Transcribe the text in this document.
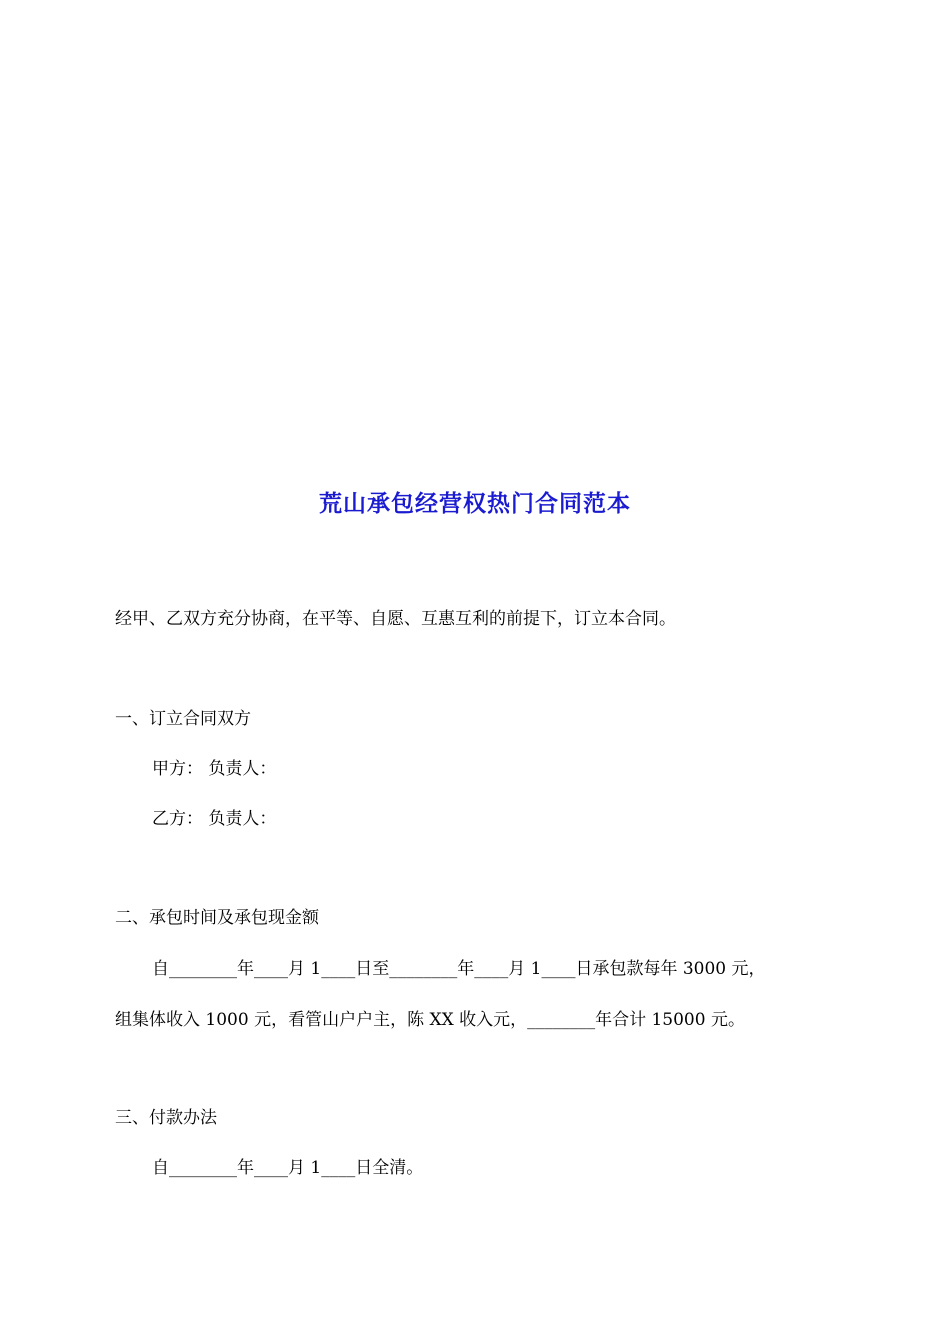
荒山承包经营权热门合同范本
经甲、乙双方充分协商，在平等、自愿、互惠互利的前提下，订立本合同。
一、订立合同双方
甲方： 负责人：
乙方： 负责人：
二、承包时间及承包现金额
自________年____月 1____日至________年____月 1____日承包款每年 3000 元，
组集体收入 1000 元，看管山户户主，陈 XX 收入元，________年合计 15000 元。
三、付款办法
自________年____月 1____日全清。
